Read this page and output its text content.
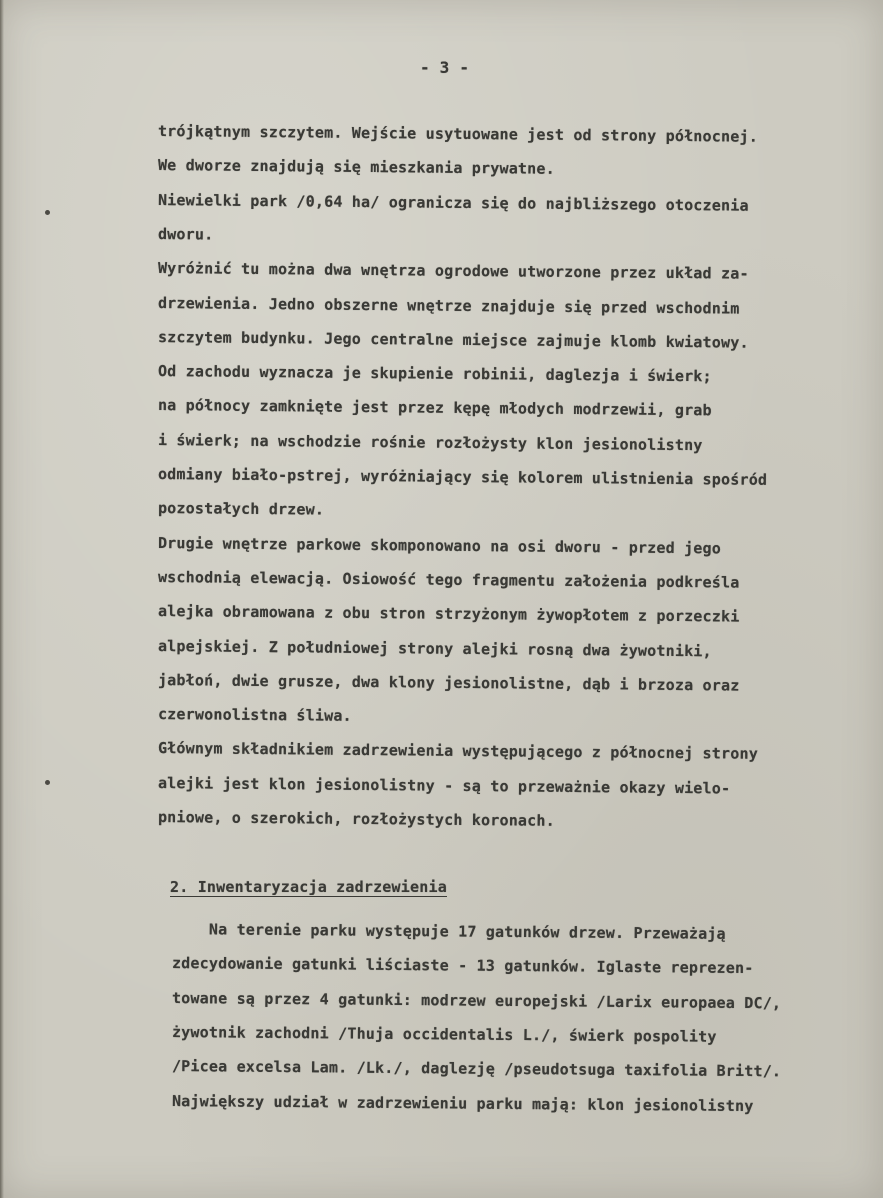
- 3 -
trójkątnym szczytem. Wejście usytuowane jest od strony północnej.
We dworze znajdują się mieszkania prywatne.
Niewielki park /0,64 ha/ ogranicza się do najbliższego otoczenia
dworu.
Wyróżnić tu można dwa wnętrza ogrodowe utworzone przez układ za-
drzewienia. Jedno obszerne wnętrze znajduje się przed wschodnim
szczytem budynku. Jego centralne miejsce zajmuje klomb kwiatowy.
Od zachodu wyznacza je skupienie robinii, daglezja i świerk;
na północy zamknięte jest przez kępę młodych modrzewii, grab
i świerk; na wschodzie rośnie rozłożysty klon jesionolistny
odmiany biało-pstrej, wyróżniający się kolorem ulistnienia spośród
pozostałych drzew.
Drugie wnętrze parkowe skomponowano na osi dworu - przed jego
wschodnią elewacją. Osiowość tego fragmentu założenia podkreśla
alejka obramowana z obu stron strzyżonym żywopłotem z porzeczki
alpejskiej. Z południowej strony alejki rosną dwa żywotniki,
jabłoń, dwie grusze, dwa klony jesionolistne, dąb i brzoza oraz
czerwonolistna śliwa.
Głównym składnikiem zadrzewienia występującego z północnej strony
alejki jest klon jesionolistny - są to przeważnie okazy wielo-
pniowe, o szerokich, rozłożystych koronach.
2. Inwentaryzacja zadrzewienia
Na terenie parku występuje 17 gatunków drzew. Przeważają
zdecydowanie gatunki liściaste - 13 gatunków. Iglaste reprezen-
towane są przez 4 gatunki: modrzew europejski /Larix europaea DC/,
żywotnik zachodni /Thuja occidentalis L./, świerk pospolity
/Picea excelsa Lam. /Lk./, daglezję /pseudotsuga taxifolia Britt/.
Największy udział w zadrzewieniu parku mają: klon jesionolistny
